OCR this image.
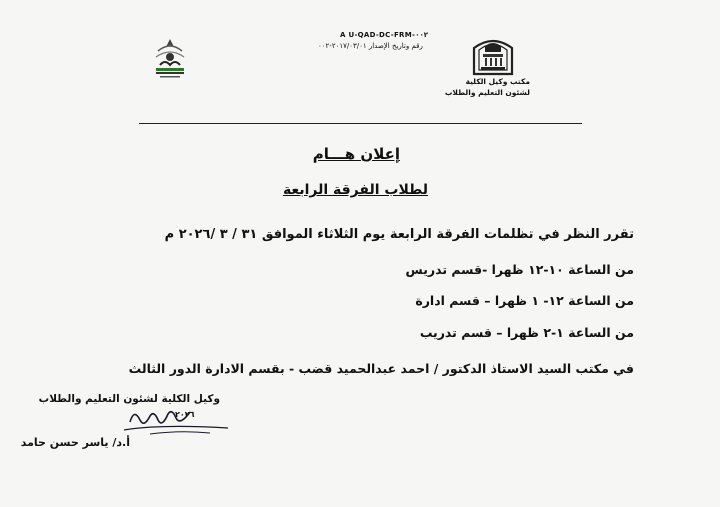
A U-QAD-DC-FRM-٠٠٢
رقم وتاريخ الإصدار ٢٠١٧/٠٣/٠١-٠٠٢
مكتب وكيل الكلية
لشئون التعليم والطلاب
إعلان هـــام
لطلاب الفرقة الرابعة
تقرر النظر في تظلمات الفرقة الرابعة يوم الثلاثاء الموافق ٣١ / ٣ /٢٠٢٦ م
من الساعة ١٠-١٢ ظهرا -قسم تدريس
من الساعة ١٢- ١ ظهرا – قسم ادارة
من الساعة ١-٢ ظهرا – قسم تدريب
في مكتب السيد الاستاذ الدكتور / احمد عبدالحميد قضب - بقسم الادارة الدور الثالث
وكيل الكلية لشئون التعليم والطلاب
٢٠٢٦
أ.د/ ياسر حسن حامد
